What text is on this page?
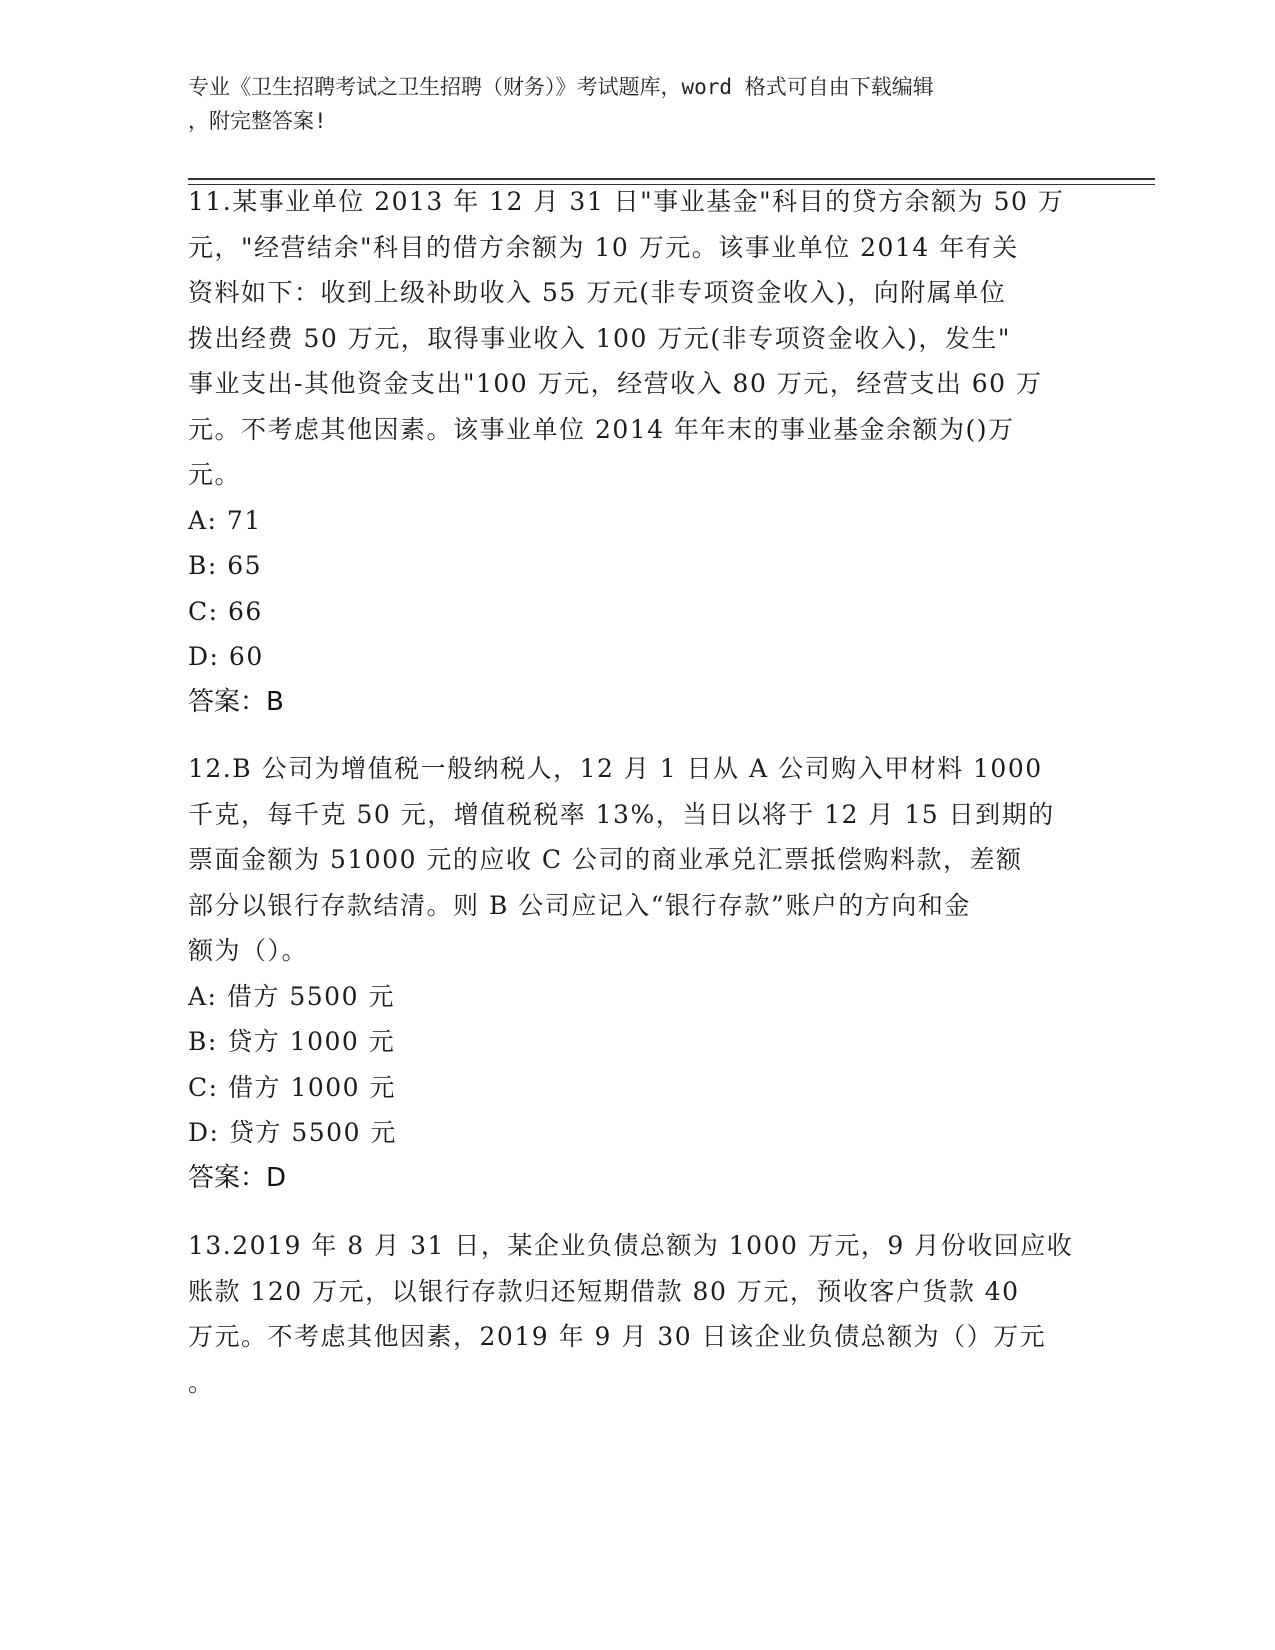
专业《卫生招聘考试之卫生招聘（财务）》考试题库，word 格式可自由下载编辑
，附完整答案!
11.某事业单位 2013 年 12 月 31 日"事业基金"科目的贷方余额为 50 万
元，"经营结余"科目的借方余额为 10 万元。该事业单位 2014 年有关
资料如下：收到上级补助收入 55 万元(非专项资金收入)，向附属单位
拨出经费 50 万元，取得事业收入 100 万元(非专项资金收入)，发生"
事业支出-其他资金支出"100 万元，经营收入 80 万元，经营支出 60 万
元。不考虑其他因素。该事业单位 2014 年年末的事业基金余额为()万
元。
A: 71
B: 65
C: 66
D: 60
答案：B
12.B 公司为增值税一般纳税人，12 月 1 日从 A 公司购入甲材料 1000
千克，每千克 50 元，增值税税率 13%，当日以将于 12 月 15 日到期的
票面金额为 51000 元的应收 C 公司的商业承兑汇票抵偿购料款，差额
部分以银行存款结清。则 B 公司应记入“银行存款”账户的方向和金
额为（）。
A: 借方 5500 元
B: 贷方 1000 元
C: 借方 1000 元
D: 贷方 5500 元
答案：D
13.2019 年 8 月 31 日，某企业负债总额为 1000 万元，9 月份收回应收
账款 120 万元，以银行存款归还短期借款 80 万元，预收客户货款 40
万元。不考虑其他因素，2019 年 9 月 30 日该企业负债总额为（）万元
。
